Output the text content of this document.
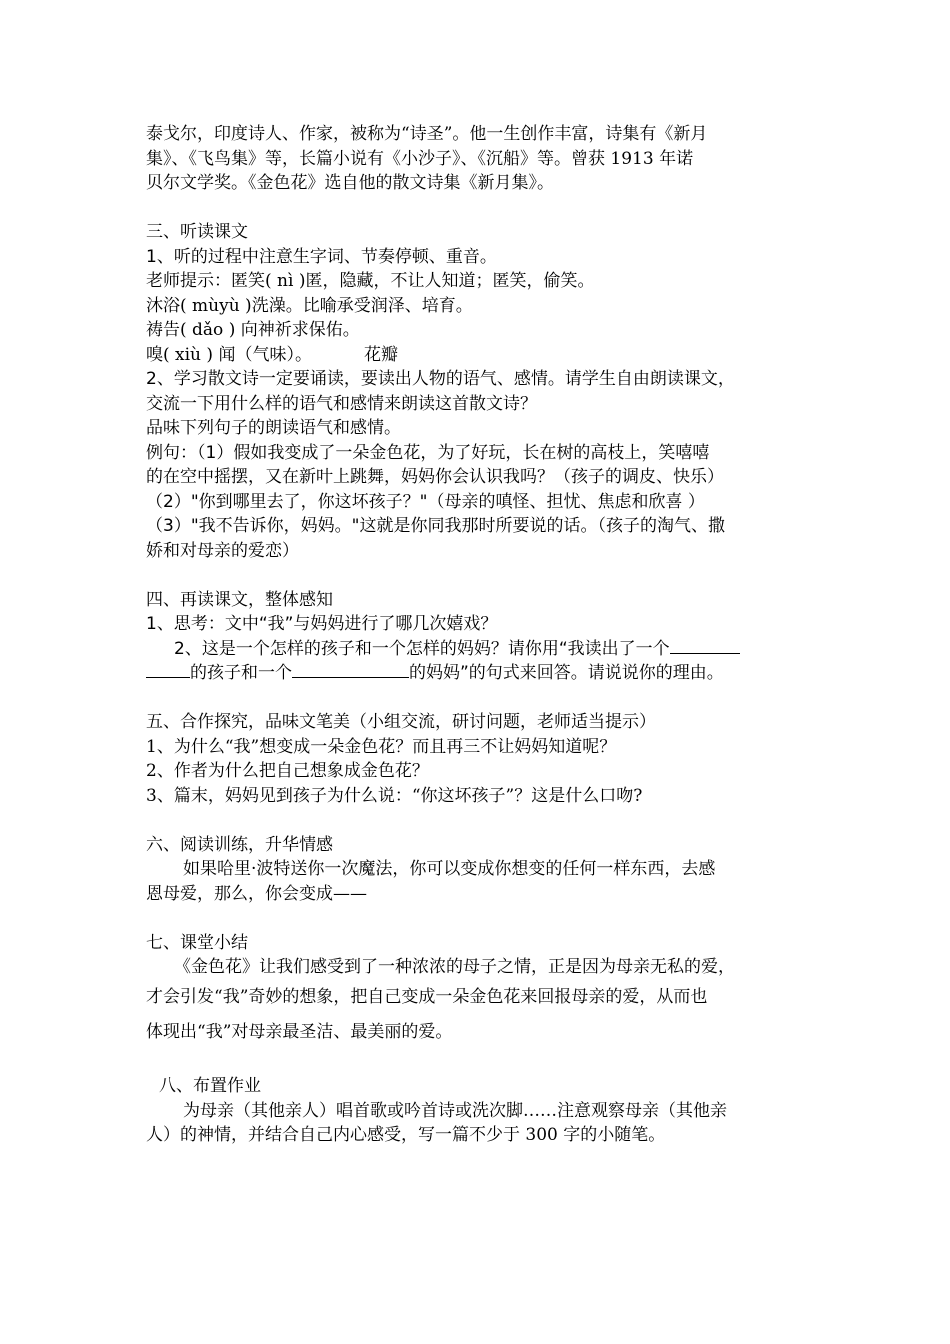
泰戈尔，印度诗人、作家，被称为“诗圣”。他一生创作丰富，诗集有《新月
集》、《飞鸟集》等，长篇小说有《小沙子》、《沉船》等。曾获 1913 年诺
贝尔文学奖。《金色花》选自他的散文诗集《新月集》。
三、听读课文
1、听的过程中注意生字词、节奏停顿、重音。
老师提示：匿笑( nì )匿，隐藏，不让人知道；匿笑，偷笑。
沐浴( mùyù )洗澡。比喻承受润泽、培育。
祷告( dǎo ) 向神祈求保佑。
嗅( xiù ) 闻（气味）。	花瓣
2、学习散文诗一定要诵读，要读出人物的语气、感情。请学生自由朗读课文，
交流一下用什么样的语气和感情来朗读这首散文诗？
品味下列句子的朗读语气和感情。
例句：（1）假如我变成了一朵金色花，为了好玩，长在树的高枝上，笑嘻嘻
的在空中摇摆，又在新叶上跳舞，妈妈你会认识我吗？（孩子的调皮、快乐）
（2）"你到哪里去了，你这坏孩子？"（母亲的嗔怪、担忧、焦虑和欣喜 ）
（3）"我不告诉你，妈妈。"这就是你同我那时所要说的话。（孩子的淘气、撒
娇和对母亲的爱恋）
四、再读课文，整体感知
1、思考：文中“我”与妈妈进行了哪几次嬉戏？
2、这是一个怎样的孩子和一个怎样的妈妈？请你用“我读出了一个
的孩子和一个	的妈妈”的句式来回答。请说说你的理由。
五、合作探究，品味文笔美（小组交流，研讨问题，老师适当提示）
1、为什么“我”想变成一朵金色花？而且再三不让妈妈知道呢？
2、作者为什么把自己想象成金色花？
3、篇末，妈妈见到孩子为什么说：“你这坏孩子”？这是什么口吻?
六、阅读训练，升华情感
如果哈里·波特送你一次魔法，你可以变成你想变的任何一样东西，去感
恩母爱，那么，你会变成——
七、课堂小结
《金色花》让我们感受到了一种浓浓的母子之情，正是因为母亲无私的爱，
才会引发“我”奇妙的想象，把自己变成一朵金色花来回报母亲的爱，从而也
体现出“我”对母亲最圣洁、最美丽的爱。
八、布置作业
为母亲（其他亲人）唱首歌或吟首诗或洗次脚……注意观察母亲（其他亲
人）的神情，并结合自己内心感受，写一篇不少于 300 字的小随笔。
